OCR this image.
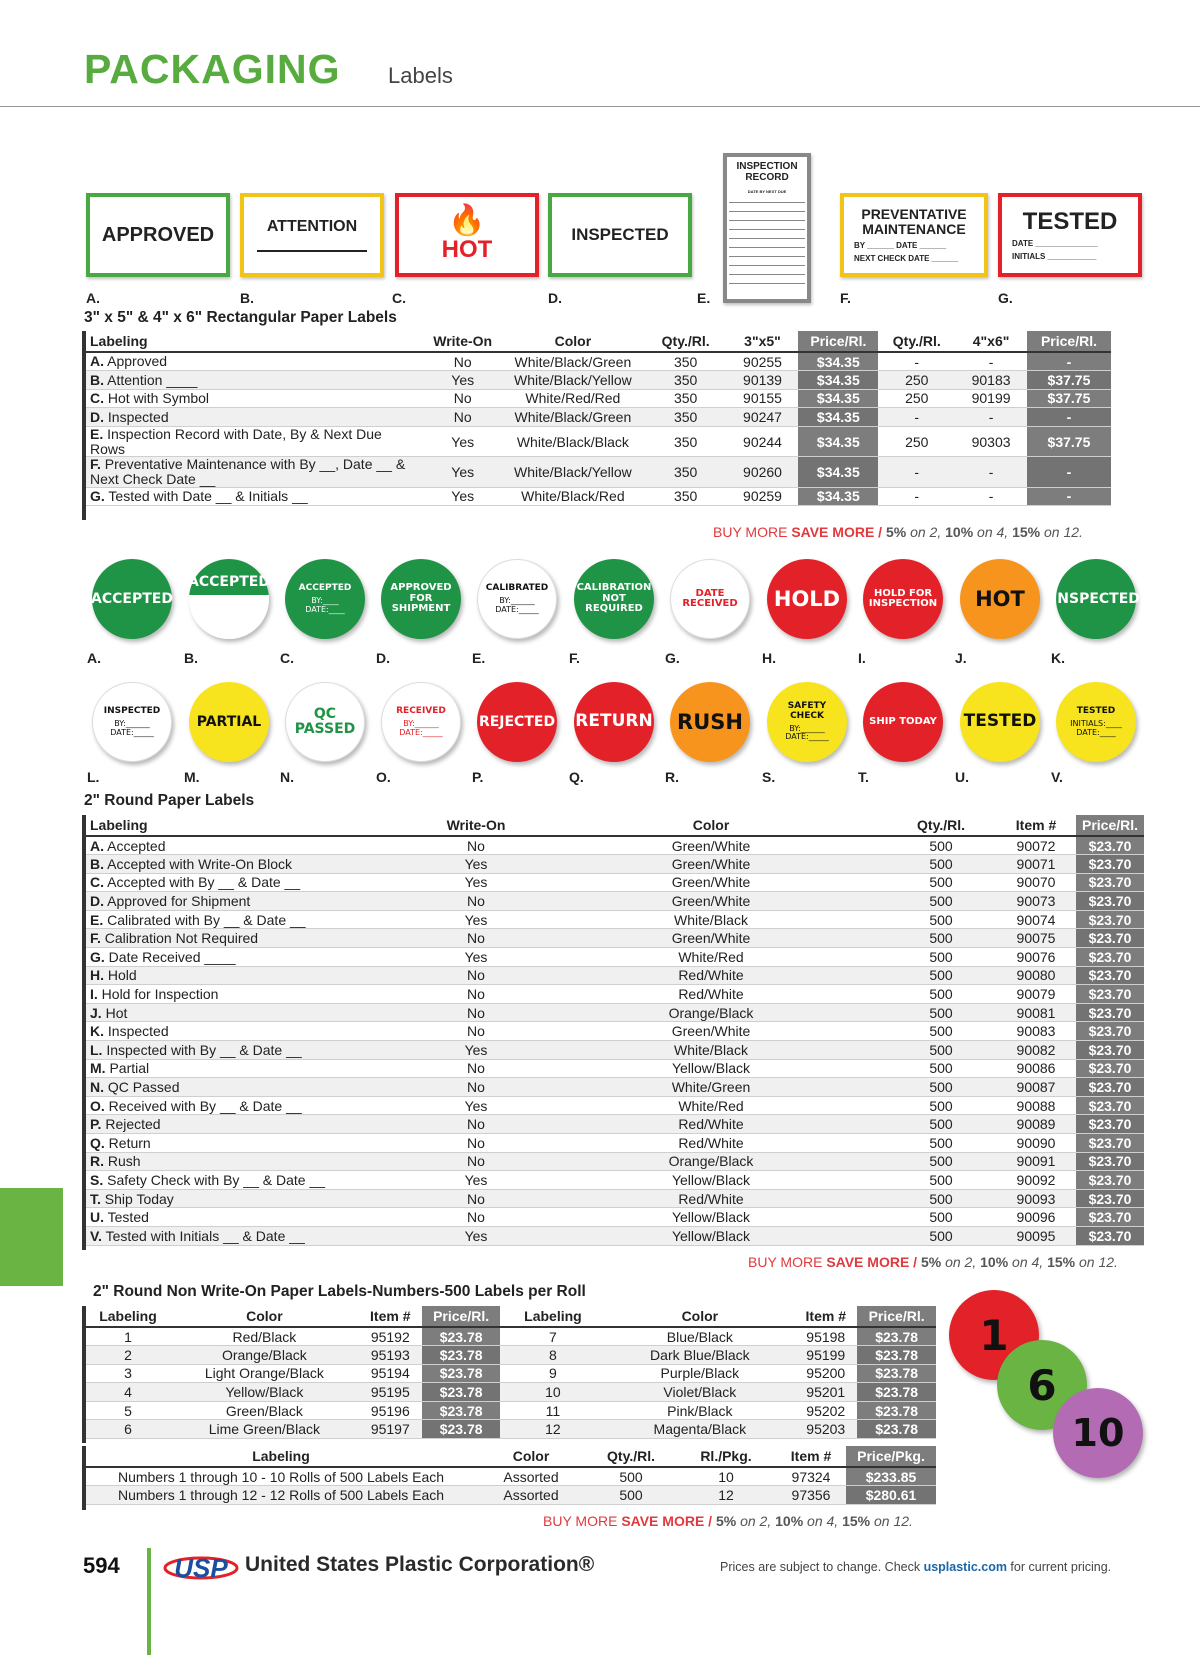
PACKAGING Labels
APPROVED
A.
ATTENTION
B.
🔥
HOT
C.
INSPECTED
D.
INSPECTION RECORD
DATE BY NEXT DUE
E.
PREVENTATIVE MAINTENANCE
BY ______ DATE ______
NEXT CHECK DATE ______
F.
TESTED
DATE ______________
INITIALS ___________
G.
3" x 5" & 4" x 6" Rectangular Paper Labels
Labeling	Write-On	Color	Qty./Rl.	3"x5"	Price/Rl.	Qty./Rl.	4"x6"	Price/Rl.
A. Approved	No	White/Black/Green	350	90255	$34.35	-	-	-
B. Attention ____	Yes	White/Black/Yellow	350	90139	$34.35	250	90183	$37.75
C. Hot with Symbol	No	White/Red/Red	350	90155	$34.35	250	90199	$37.75
D. Inspected	No	White/Black/Green	350	90247	$34.35	-	-	-
E. Inspection Record with Date, By & Next Due Rows	Yes	White/Black/Black	350	90244	$34.35	250	90303	$37.75
F. Preventative Maintenance with By __, Date __ & Next Check Date __	Yes	White/Black/Yellow	350	90260	$34.35	-	-	-
G. Tested with Date __ & Initials __	Yes	White/Black/Red	350	90259	$34.35	-	-	-
BUY MORE SAVE MORE / 5% on 2, 10% on 4, 15% on 12.
ACCEPTED
A.
ACCEPTED
B.
ACCEPTED
BY:____ DATE:____
C.
APPROVED FOR SHIPMENT
D.
CALIBRATED
BY:______ DATE:_____
E.
CALIBRATION NOT REQUIRED
F.
DATE RECEIVED
G.
HOLD
H.
HOLD FOR INSPECTION
I.
HOT
J.
INSPECTED
K.
INSPECTED
BY:______ DATE:_____
L.
PARTIAL
M.
QC PASSED
N.
RECEIVED
BY:______ DATE:_____
O.
REJECTED
P.
RETURN
Q.
RUSH
R.
SAFETY CHECK
BY:______ DATE:_____
S.
SHIP TODAY
T.
TESTED
U.
TESTED
INITIALS:____ DATE:____
V.
2" Round Paper Labels
Labeling	Write-On	Color	Qty./Rl.	Item #	Price/Rl.
A. Accepted	No	Green/White	500	90072	$23.70
B. Accepted with Write-On Block	Yes	Green/White	500	90071	$23.70
C. Accepted with By __ & Date __	Yes	Green/White	500	90070	$23.70
D. Approved for Shipment	No	Green/White	500	90073	$23.70
E. Calibrated with By __ & Date __	Yes	White/Black	500	90074	$23.70
F. Calibration Not Required	No	Green/White	500	90075	$23.70
G. Date Received ____	Yes	White/Red	500	90076	$23.70
H. Hold	No	Red/White	500	90080	$23.70
I. Hold for Inspection	No	Red/White	500	90079	$23.70
J. Hot	No	Orange/Black	500	90081	$23.70
K. Inspected	No	Green/White	500	90083	$23.70
L. Inspected with By __ & Date __	Yes	White/Black	500	90082	$23.70
M. Partial	No	Yellow/Black	500	90086	$23.70
N. QC Passed	No	White/Green	500	90087	$23.70
O. Received with By __ & Date __	Yes	White/Red	500	90088	$23.70
P. Rejected	No	Red/White	500	90089	$23.70
Q. Return	No	Red/White	500	90090	$23.70
R. Rush	No	Orange/Black	500	90091	$23.70
S. Safety Check with By __ & Date __	Yes	Yellow/Black	500	90092	$23.70
T. Ship Today	No	Red/White	500	90093	$23.70
U. Tested	No	Yellow/Black	500	90096	$23.70
V. Tested with Initials __ & Date __	Yes	Yellow/Black	500	90095	$23.70
BUY MORE SAVE MORE / 5% on 2, 10% on 4, 15% on 12.
2" Round Non Write-On Paper Labels-Numbers-500 Labels per Roll
Labeling	Color	Item #	Price/Rl.	Labeling	Color	Item #	Price/Rl.
1	Red/Black	95192	$23.78	7	Blue/Black	95198	$23.78
2	Orange/Black	95193	$23.78	8	Dark Blue/Black	95199	$23.78
3	Light Orange/Black	95194	$23.78	9	Purple/Black	95200	$23.78
4	Yellow/Black	95195	$23.78	10	Violet/Black	95201	$23.78
5	Green/Black	95196	$23.78	11	Pink/Black	95202	$23.78
6	Lime Green/Black	95197	$23.78	12	Magenta/Black	95203	$23.78
Labeling	Color	Qty./Rl.	Rl./Pkg.	Item #	Price/Pkg.
Numbers 1 through 10 - 10 Rolls of 500 Labels Each	Assorted	500	10	97324	$233.85
Numbers 1 through 12 - 12 Rolls of 500 Labels Each	Assorted	500	12	97356	$280.61
BUY MORE SAVE MORE / 5% on 2, 10% on 4, 15% on 12.
1
6
10
594 USP United States Plastic Corporation®	Prices are subject to change. Check usplastic.com for current pricing.
